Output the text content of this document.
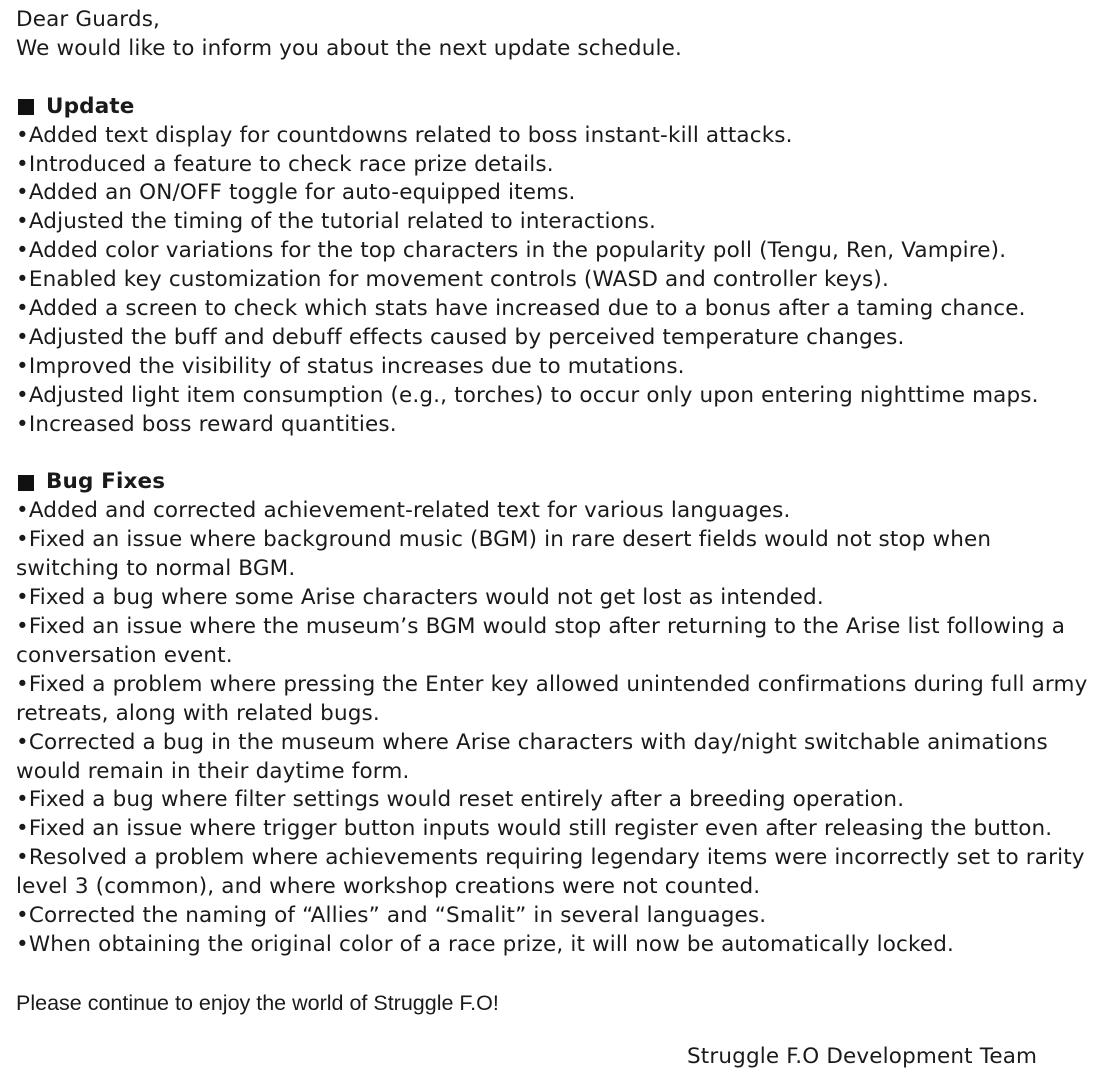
Dear Guards,
We would like to inform you about the next update schedule.
Update
•Added text display for countdowns related to boss instant-kill attacks.
•Introduced a feature to check race prize details.
•Added an ON/OFF toggle for auto-equipped items.
•Adjusted the timing of the tutorial related to interactions.
•Added color variations for the top characters in the popularity poll (Tengu, Ren, Vampire).
•Enabled key customization for movement controls (WASD and controller keys).
•Added a screen to check which stats have increased due to a bonus after a taming chance.
•Adjusted the buff and debuff effects caused by perceived temperature changes.
•Improved the visibility of status increases due to mutations.
•Adjusted light item consumption (e.g., torches) to occur only upon entering nighttime maps.
•Increased boss reward quantities.
Bug Fixes
•Added and corrected achievement-related text for various languages.
•Fixed an issue where background music (BGM) in rare desert fields would not stop when switching to normal BGM.
•Fixed a bug where some Arise characters would not get lost as intended.
•Fixed an issue where the museum’s BGM would stop after returning to the Arise list following a conversation event.
•Fixed a problem where pressing the Enter key allowed unintended confirmations during full army retreats, along with related bugs.
•Corrected a bug in the museum where Arise characters with day/night switchable animations would remain in their daytime form.
•Fixed a bug where filter settings would reset entirely after a breeding operation.
•Fixed an issue where trigger button inputs would still register even after releasing the button.
•Resolved a problem where achievements requiring legendary items were incorrectly set to rarity level 3 (common), and where workshop creations were not counted.
•Corrected the naming of “Allies” and “Smalit” in several languages.
•When obtaining the original color of a race prize, it will now be automatically locked.
Please continue to enjoy the world of Struggle F.O!
Struggle F.O Development Team
